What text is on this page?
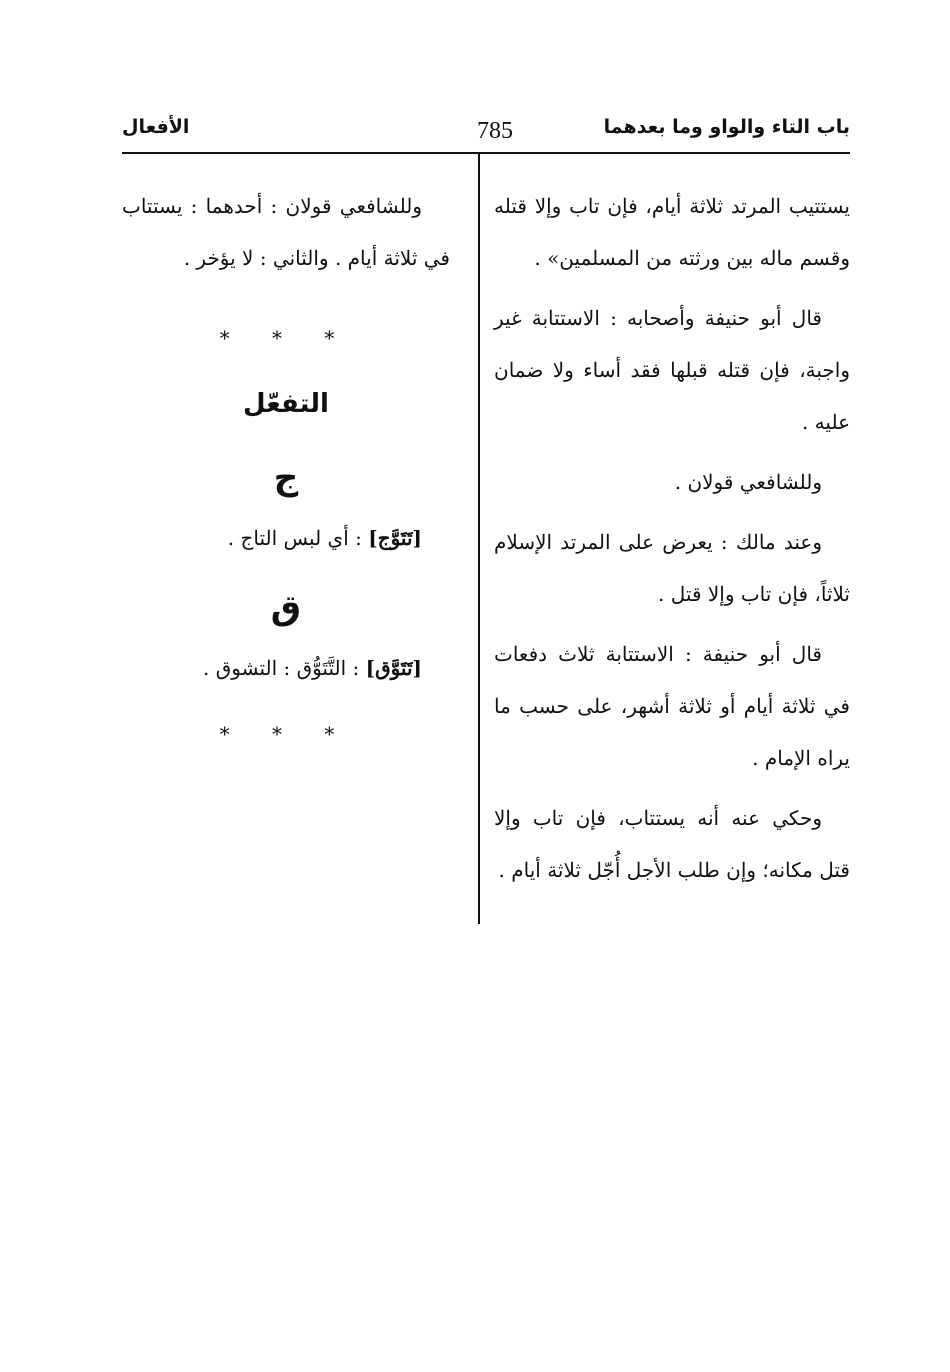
باب التاء والواو وما بعدهما
785
الأفعال

يستتيب المرتد ثلاثة أيام، فإن تاب وإلا قتله وقسم ماله بين ورثته من المسلمين» .

قال أبو حنيفة وأصحابه : الاستتابة غير واجبة، فإن قتله قبلها فقد أساء ولا ضمان عليه .

وللشافعي قولان .

وعند مالك : يعرض على المرتد الإسلام ثلاثاً، فإن تاب وإلا قتل .

قال أبو حنيفة : الاستتابة ثلاث دفعات في ثلاثة أيام أو ثلاثة أشهر، على حسب ما يراه الإمام .

وحكي عنه أنه يستتاب، فإن تاب وإلا قتل مكانه؛ وإن طلب الأجل أُجّل ثلاثة أيام .

وللشافعي قولان : أحدهما : يستتاب في ثلاثة أيام . والثاني : لا يؤخر .

* * *
التفعّل
ج

[تَتَوَّج] : أي لبس التاج .

ق

[تَتَوَّق] : التَّتَوُّق : التشوق .

* * *
